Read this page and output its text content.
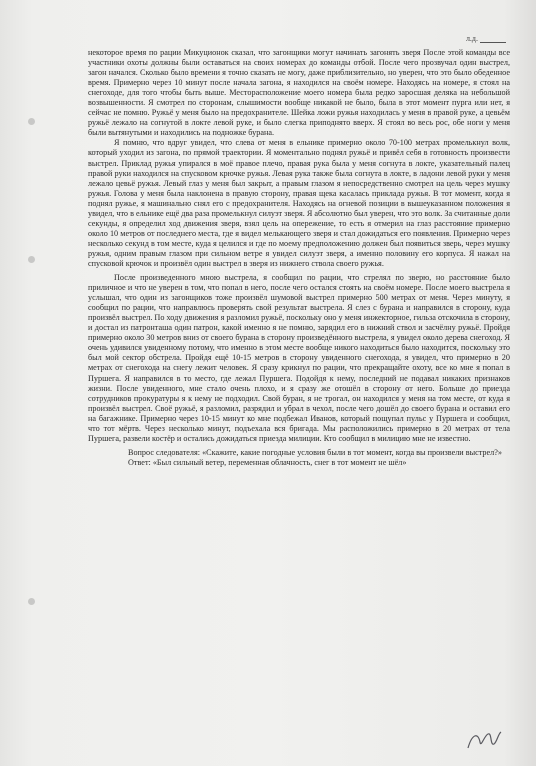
л.д.

некоторое время по рации Микуционок сказал, что загонщики могут начинать загонять зверя После этой команды все участники охоты должны были оставаться на своих номерах до команды отбой. После чего прозвучал один выстрел, загон начался. Сколько было времени я точно сказать не могу, даже приблизительно, но уверен, что это было обеденное время. Примерно через 10 минут после начала загона, я находился на своём номере. Находясь на номере, я стоял на снегоходе, для того чтобы быть выше. Месторасположение моего номера была редко заросшая деляка на небольшой возвышенности. Я смотрел по сторонам, слышимости вообще никакой не было, была в этот момент пурга или нет, я сейчас не помню. Ружьё у меня было на предохранителе. Шейка ложи ружья находилась у меня в правой руке, а цевьём ружьё лежало на согнутой в локте левой руке, и было слегка приподнято вверх. Я стоял во весь рос, обе ноги у меня были вытянутыми и находились на подножке бурана.

Я помню, что вдруг увидел, что слева от меня в ельнике примерно около 70-100 метрах промелькнул волк, который уходил из загона, по прямой траектории. Я моментально поднял ружьё и привёл себя в готовность произвести выстрел. Приклад ружья упирался в моё правое плечо, правая рука была у меня согнута в локте, указательный палец правой руки находился на спусковом крючке ружья. Левая рука также была согнута в локте, в ладони левой руки у меня лежало цевьё ружья. Левый глаз у меня был закрыт, а правым глазом я непосредственно смотрел на цель через мушку ружья. Голова у меня была наклонена в правую сторону, правая щека касалась приклада ружья. В тот момент, когда я поднял ружье, я машинально снял его с предохранителя. Находясь на огневой позиции в вышеуказанном положения я увидел, что в ельнике ещё два раза промелькнул силуэт зверя. Я абсолютно был уверен, что это волк. За считанные доли секунды, я определил ход движения зверя, взял цель на опережение, то есть я отмерил на глаз расстояние примерно около 10 метров от последнего места, где я видел мелькающего зверя и стал дожидаться его появления. Примерно через несколько секунд в том месте, куда я целился и где по моему предположению должен был появиться зверь, через мушку ружья, одним правым глазом при сильном ветре я увидел силуэт зверя, а именно половину его корпуса. Я нажал на спусковой крючок и произвёл один выстрел в зверя из нижнего ствола своего ружья.

После произведенного мною выстрела, я сообщил по рации, что стрелял по зверю, но расстояние было приличное и что не уверен в том, что попал в него, после чего остался стоять на своём номере. После моего выстрела я услышал, что один из загонщиков тоже произвёл шумовой выстрел примерно 500 метрах от меня. Через минуту, я сообщил по рации, что направлюсь проверять свой результат выстрела. Я слез с бурана и направился в сторону, куда произвёл выстрел. По ходу движения я разломил ружьё, поскольку оно у меня инжекторное, гильза отскочила в сторону, и достал из патронташа один патрон, какой именно я не помню, зарядил его в нижний ствол и засчёлну ружьё. Пройдя примерно около 30 метров вниз от своего бурана в сторону произведённого выстрела, я увидел около дерева снегоход. Я очень удивился увиденному потому, что именно в этом месте вообще никого находиться было находится, поскольку это был мой сектор обстрела. Пройдя ещё 10-15 метров в сторону увиденного снегохода, я увидел, что примерно в 20 метрах от снегохода на снегу лежит человек. Я сразу крикнул по рации, что прекращайте охоту, все ко мне я попал в Пуршега. Я направился в то место, где лежал Пуршега. Подойдя к нему, последний не подавал никаких признаков жизни. После увиденного, мне стало очень плохо, и я сразу же отошёл в сторону от него. Больше до приезда сотрудников прокуратуры я к нему не подходил. Свой буран, я не трогал, он находился у меня на том месте, от куда я произвёл выстрел. Своё ружьё, я разломил, разрядил и убрал в чехол, после чего дошёл до своего бурана и оставил его на багажнике. Примерно через 10-15 минут ко мне подбежал Иванов, который пощупал пульс у Пуршега и сообщил, что тот мёртв. Через несколько минут, подъехала вся бригада. Мы расположились примерно в 20 метрах от тела Пуршега, развели костёр и остались дожидаться приезда милиции. Кто сообщил в милицию мне не известно.

Вопрос следователя: «Скажите, какие погодные условия были в тот момент, когда вы произвели выстрел?»

Ответ: «Был сильный ветер, переменная облачность, снег в тот момент не шёл»
